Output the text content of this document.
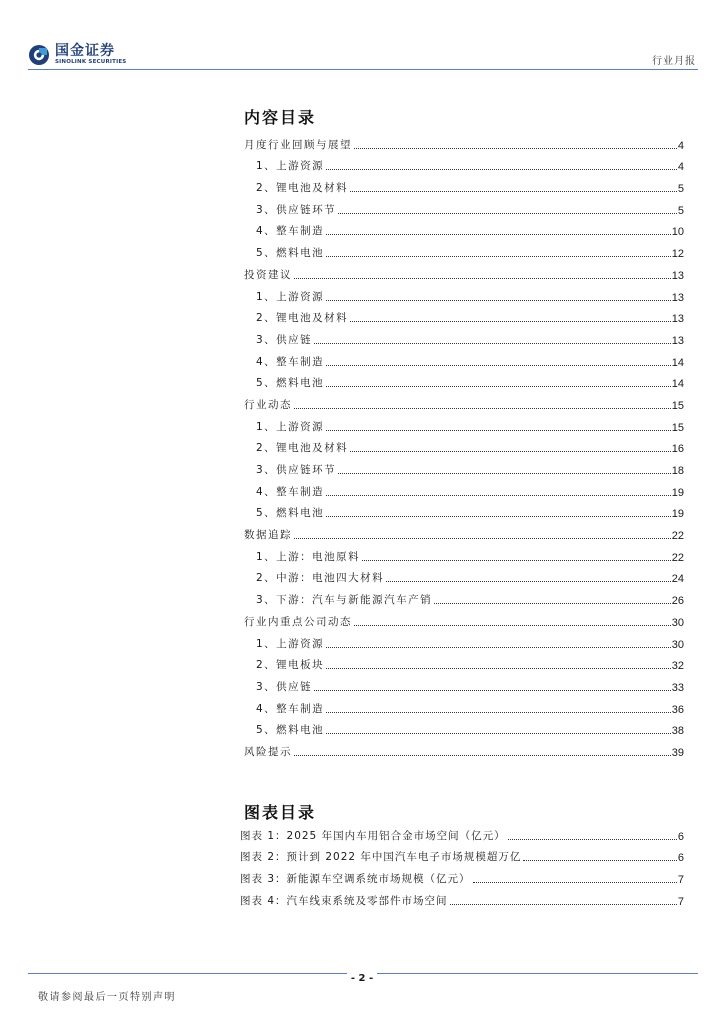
国金证券
SINOLINK SECURITIES	行业月报
内容目录
月度行业回顾与展望	4
1、上游资源	4
2、锂电池及材料	5
3、供应链环节	5
4、整车制造	10
5、燃料电池	12
投资建议	13
1、上游资源	13
2、锂电池及材料	13
3、供应链	13
4、整车制造	14
5、燃料电池	14
行业动态	15
1、上游资源	15
2、锂电池及材料	16
3、供应链环节	18
4、整车制造	19
5、燃料电池	19
数据追踪	22
1、上游：电池原料	22
2、中游：电池四大材料	24
3、下游：汽车与新能源汽车产销	26
行业内重点公司动态	30
1、上游资源	30
2、锂电板块	32
3、供应链	33
4、整车制造	36
5、燃料电池	38
风险提示	39
图表目录
图表 1：2025 年国内车用铝合金市场空间（亿元）	6
图表 2：预计到 2022 年中国汽车电子市场规模超万亿	6
图表 3：新能源车空调系统市场规模（亿元）	7
图表 4：汽车线束系统及零部件市场空间	7
- 2 -
敬请参阅最后一页特别声明
